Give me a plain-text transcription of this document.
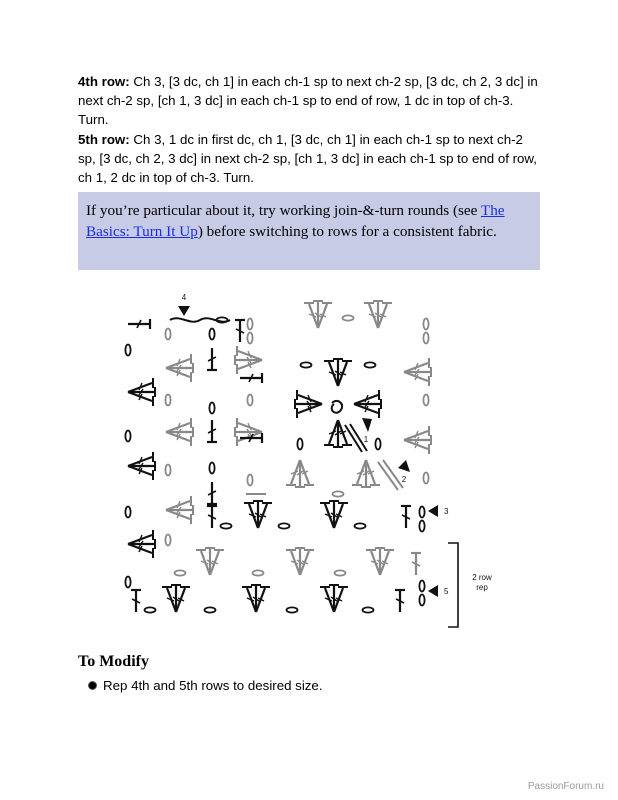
4th row: Ch 3, [3 dc, ch 1] in each ch-1 sp to next ch-2 sp, [3 dc, ch 2, 3 dc] in next ch-2 sp, [ch 1, 3 dc] in each ch-1 sp to end of row, 1 dc in top of ch-3. Turn.
5th row: Ch 3, 1 dc in first dc, ch 1, [3 dc, ch 1] in each ch-1 sp to next ch-2 sp, [3 dc, ch 2, 3 dc] in next ch-2 sp, [ch 1, 3 dc] in each ch-1 sp to end of row, ch 1, 2 dc in top of ch-3. Turn.
If you’re particular about it, try working join-&-turn rounds (see The Basics: Turn It Up) before switching to rows for a consistent fabric.
4
1
2
3
5
2 row
rep
To Modify
Rep 4th and 5th rows to desired size.
PassionForum.ru
